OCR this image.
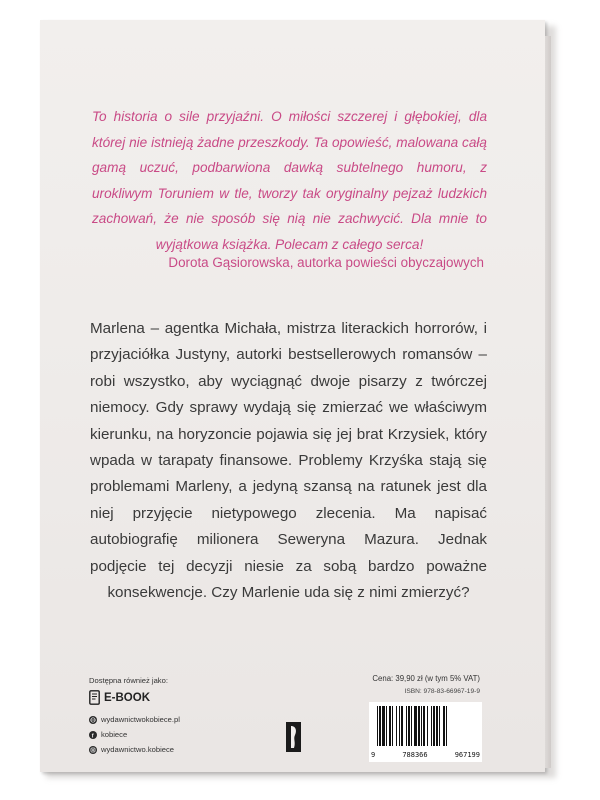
To historia o sile przyjaźni. O miłości szczerej i głębokiej, dla której nie istnieją żadne przeszkody. Ta opowieść, malowana całą gamą uczuć, podbarwiona dawką subtelnego humoru, z urokliwym Toruniem w tle, tworzy tak oryginalny pejzaż ludzkich zachowań, że nie sposób się nią nie zachwycić. Dla mnie to wyjątkowa książka. Polecam z całego serca!
Dorota Gąsiorowska, autorka powieści obyczajowych
Marlena – agentka Michała, mistrza literackich horrorów, i przyjaciółka Justyny, autorki bestsellerowych romansów – robi wszystko, aby wyciągnąć dwoje pisarzy z twórczej niemocy. Gdy sprawy wydają się zmierzać we właściwym kierunku, na horyzoncie pojawia się jej brat Krzysiek, który wpada w tarapaty finansowe. Problemy Krzyśka stają się problemami Marleny, a jedyną szansą na ratunek jest dla niej przyjęcie nietypowego zlecenia. Ma napisać autobiografię milionera Seweryna Mazura. Jednak podjęcie tej decyzji niesie za sobą bardzo poważne konsekwencje. Czy Marlenie uda się z nimi zmierzyć?
Dostępna również jako:
E-BOOK
wydawnictwokobiece.pl
f kobiece
wydawnictwo.kobiece
Cena: 39,90 zł (w tym 5% VAT)
ISBN: 978-83-66967-19-9
9	788366	967199
